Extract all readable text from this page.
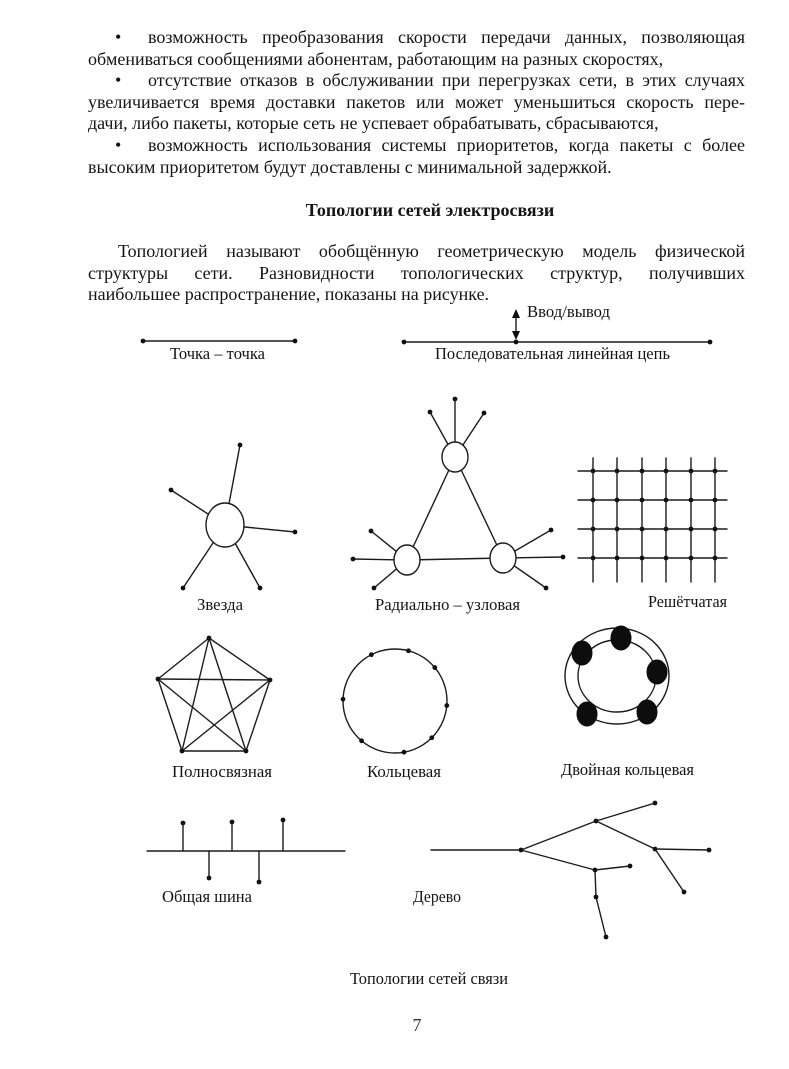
• возможность преобразования скорости передачи данных, позволяющая
обмениваться сообщениями абонентам, работающим на разных скоростях,
• отсутствие отказов в обслуживании при перегрузках сети, в этих случаях
увеличивается время доставки пакетов или может уменьшиться скорость пере-
дачи, либо пакеты, которые сеть не успевает обрабатывать, сбрасываются,
• возможность использования системы приоритетов, когда пакеты с более
высоким приоритетом будут доставлены с минимальной задержкой.
Топологии сетей электросвязи
Топологией называют обобщённую геометрическую модель физической
структуры сети. Разновидности топологических структур, получивших
наибольшее распространение, показаны на рисунке.
Точка – точка
Ввод/вывод
Последовательная линейная цепь
Звезда	Радиально – узловая	Решётчатая
Полносвязная	Кольцевая	Двойная кольцевая
Общая шина	Дерево
Топологии сетей связи
7
